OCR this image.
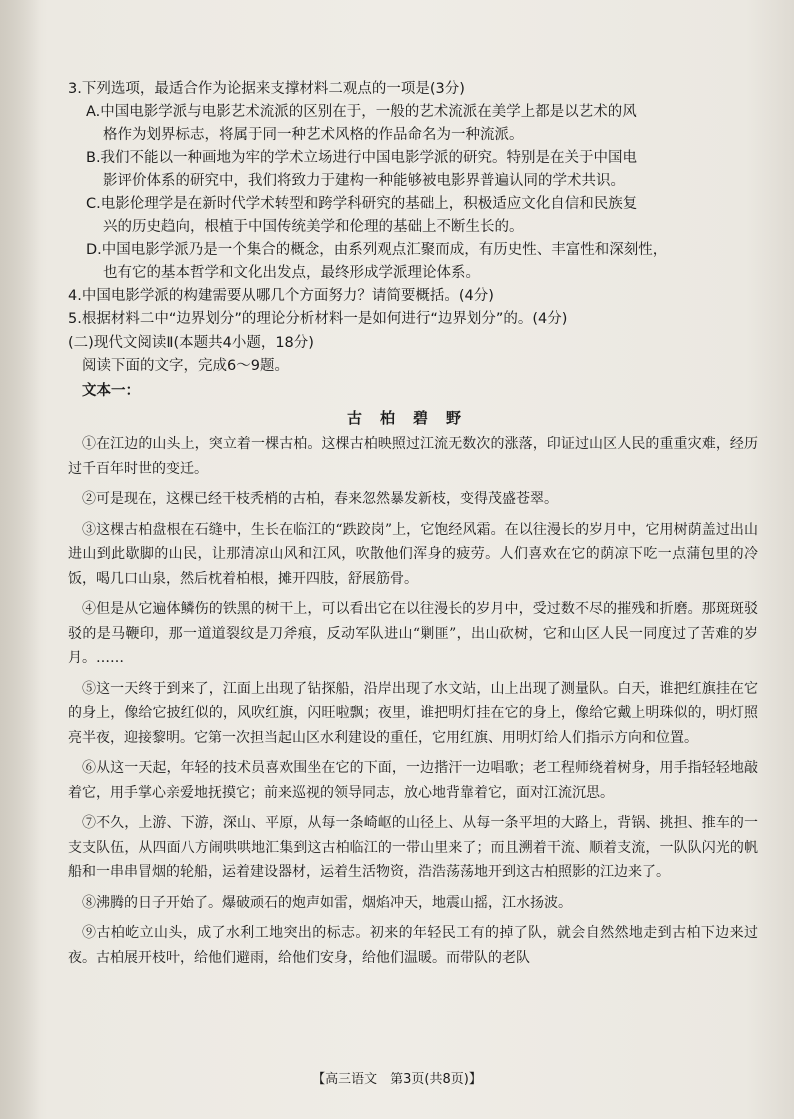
3.下列选项，最适合作为论据来支撑材料二观点的一项是(3分)
A.中国电影学派与电影艺术流派的区别在于，一般的艺术流派在美学上都是以艺术的风
格作为划界标志，将属于同一种艺术风格的作品命名为一种流派。
B.我们不能以一种画地为牢的学术立场进行中国电影学派的研究。特别是在关于中国电
影评价体系的研究中，我们将致力于建构一种能够被电影界普遍认同的学术共识。
C.电影伦理学是在新时代学术转型和跨学科研究的基础上，积极适应文化自信和民族复
兴的历史趋向，根植于中国传统美学和伦理的基础上不断生长的。
D.中国电影学派乃是一个集合的概念，由系列观点汇聚而成，有历史性、丰富性和深刻性，
也有它的基本哲学和文化出发点，最终形成学派理论体系。
4.中国电影学派的构建需要从哪几个方面努力？请简要概括。(4分)
5.根据材料二中“边界划分”的理论分析材料一是如何进行“边界划分”的。(4分)
(二)现代文阅读Ⅱ(本题共4小题，18分)
阅读下面的文字，完成6～9题。
文本一：
古柏碧野

①在江边的山头上，突立着一棵古柏。这棵古柏映照过江流无数次的涨落，印证过山区人民的重重灾难，经历过千百年时世的变迁。

②可是现在，这棵已经干枝秃梢的古柏，春来忽然暴发新枝，变得茂盛苍翠。

③这棵古柏盘根在石缝中，生长在临江的“跌跤岗”上，它饱经风霜。在以往漫长的岁月中，它用树荫盖过出山进山到此歇脚的山民，让那清凉山风和江风，吹散他们浑身的疲劳。人们喜欢在它的荫凉下吃一点蒲包里的冷饭，喝几口山泉，然后枕着柏根，摊开四肢，舒展筋骨。

④但是从它遍体鳞伤的铁黑的树干上，可以看出它在以往漫长的岁月中，受过数不尽的摧残和折磨。那斑斑驳驳的是马鞭印，那一道道裂纹是刀斧痕，反动军队进山“剿匪”，出山砍树，它和山区人民一同度过了苦难的岁月。……

⑤这一天终于到来了，江面上出现了钻探船，沿岸出现了水文站，山上出现了测量队。白天，谁把红旗挂在它的身上，像给它披红似的，风吹红旗，闪旺啦飘；夜里，谁把明灯挂在它的身上，像给它戴上明珠似的，明灯照亮半夜，迎接黎明。它第一次担当起山区水利建设的重任，它用红旗、用明灯给人们指示方向和位置。

⑥从这一天起，年轻的技术员喜欢围坐在它的下面，一边揩汗一边唱歌；老工程师绕着树身，用手指轻轻地敲着它，用手掌心亲爱地抚摸它；前来巡视的领导同志，放心地背靠着它，面对江流沉思。

⑦不久，上游、下游，深山、平原，从每一条崎岖的山径上、从每一条平坦的大路上，背锅、挑担、推车的一支支队伍，从四面八方闹哄哄地汇集到这古柏临江的一带山里来了；而且溯着干流、顺着支流，一队队闪光的帆船和一串串冒烟的轮船，运着建设器材，运着生活物资，浩浩荡荡地开到这古柏照影的江边来了。

⑧沸腾的日子开始了。爆破顽石的炮声如雷，烟焰冲天，地震山摇，江水扬波。

⑨古柏屹立山头，成了水利工地突出的标志。初来的年轻民工有的掉了队，就会自然然地走到古柏下边来过夜。古柏展开枝叶，给他们避雨，给他们安身，给他们温暖。而带队的老队

【高三语文　第3页(共8页)】
